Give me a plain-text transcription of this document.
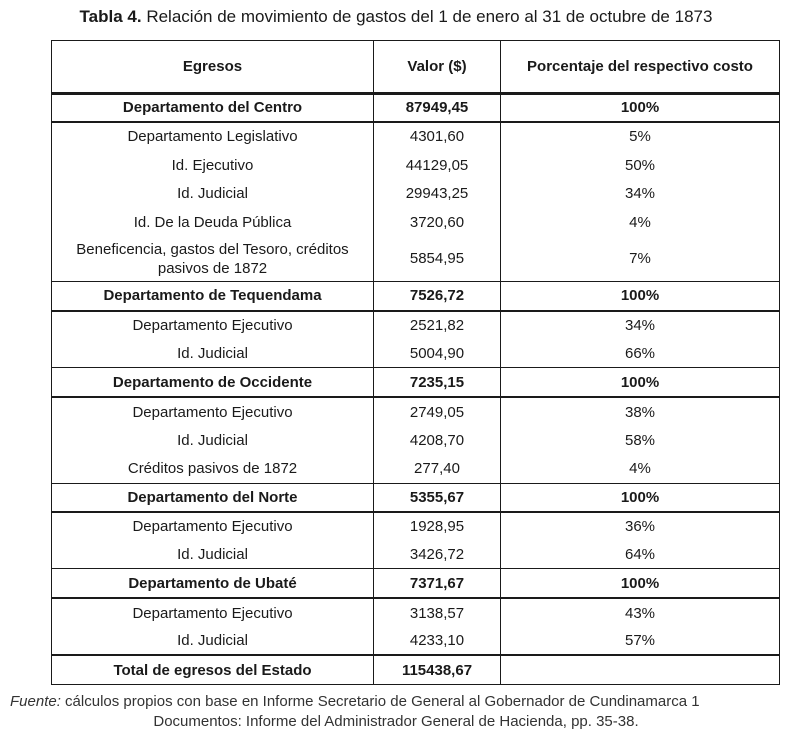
Tabla 4. Relación de movimiento de gastos del 1 de enero al 31 de octubre de 1873
Egresos	Valor ($)	Porcentaje del respectivo costo
Departamento del Centro	87949,45	100%
Departamento Legislativo	4301,60	5%
Id. Ejecutivo	44129,05	50%
Id. Judicial	29943,25	34%
Id. De la Deuda Pública	3720,60	4%
Beneficencia, gastos del Tesoro, créditos pasivos de 1872	5854,95	7%
Departamento de Tequendama	7526,72	100%
Departamento Ejecutivo	2521,82	34%
Id. Judicial	5004,90	66%
Departamento de Occidente	7235,15	100%
Departamento Ejecutivo	2749,05	38%
Id. Judicial	4208,70	58%
Créditos pasivos de 1872	277,40	4%
Departamento del Norte	5355,67	100%
Departamento Ejecutivo	1928,95	36%
Id. Judicial	3426,72	64%
Departamento de Ubaté	7371,67	100%
Departamento Ejecutivo	3138,57	43%
Id. Judicial	4233,10	57%
Total de egresos del Estado	115438,67	
Fuente: cálculos propios con base en Informe Secretario de General al Gobernador de Cundinamarca 1
Documentos: Informe del Administrador General de Hacienda, pp. 35-38.
